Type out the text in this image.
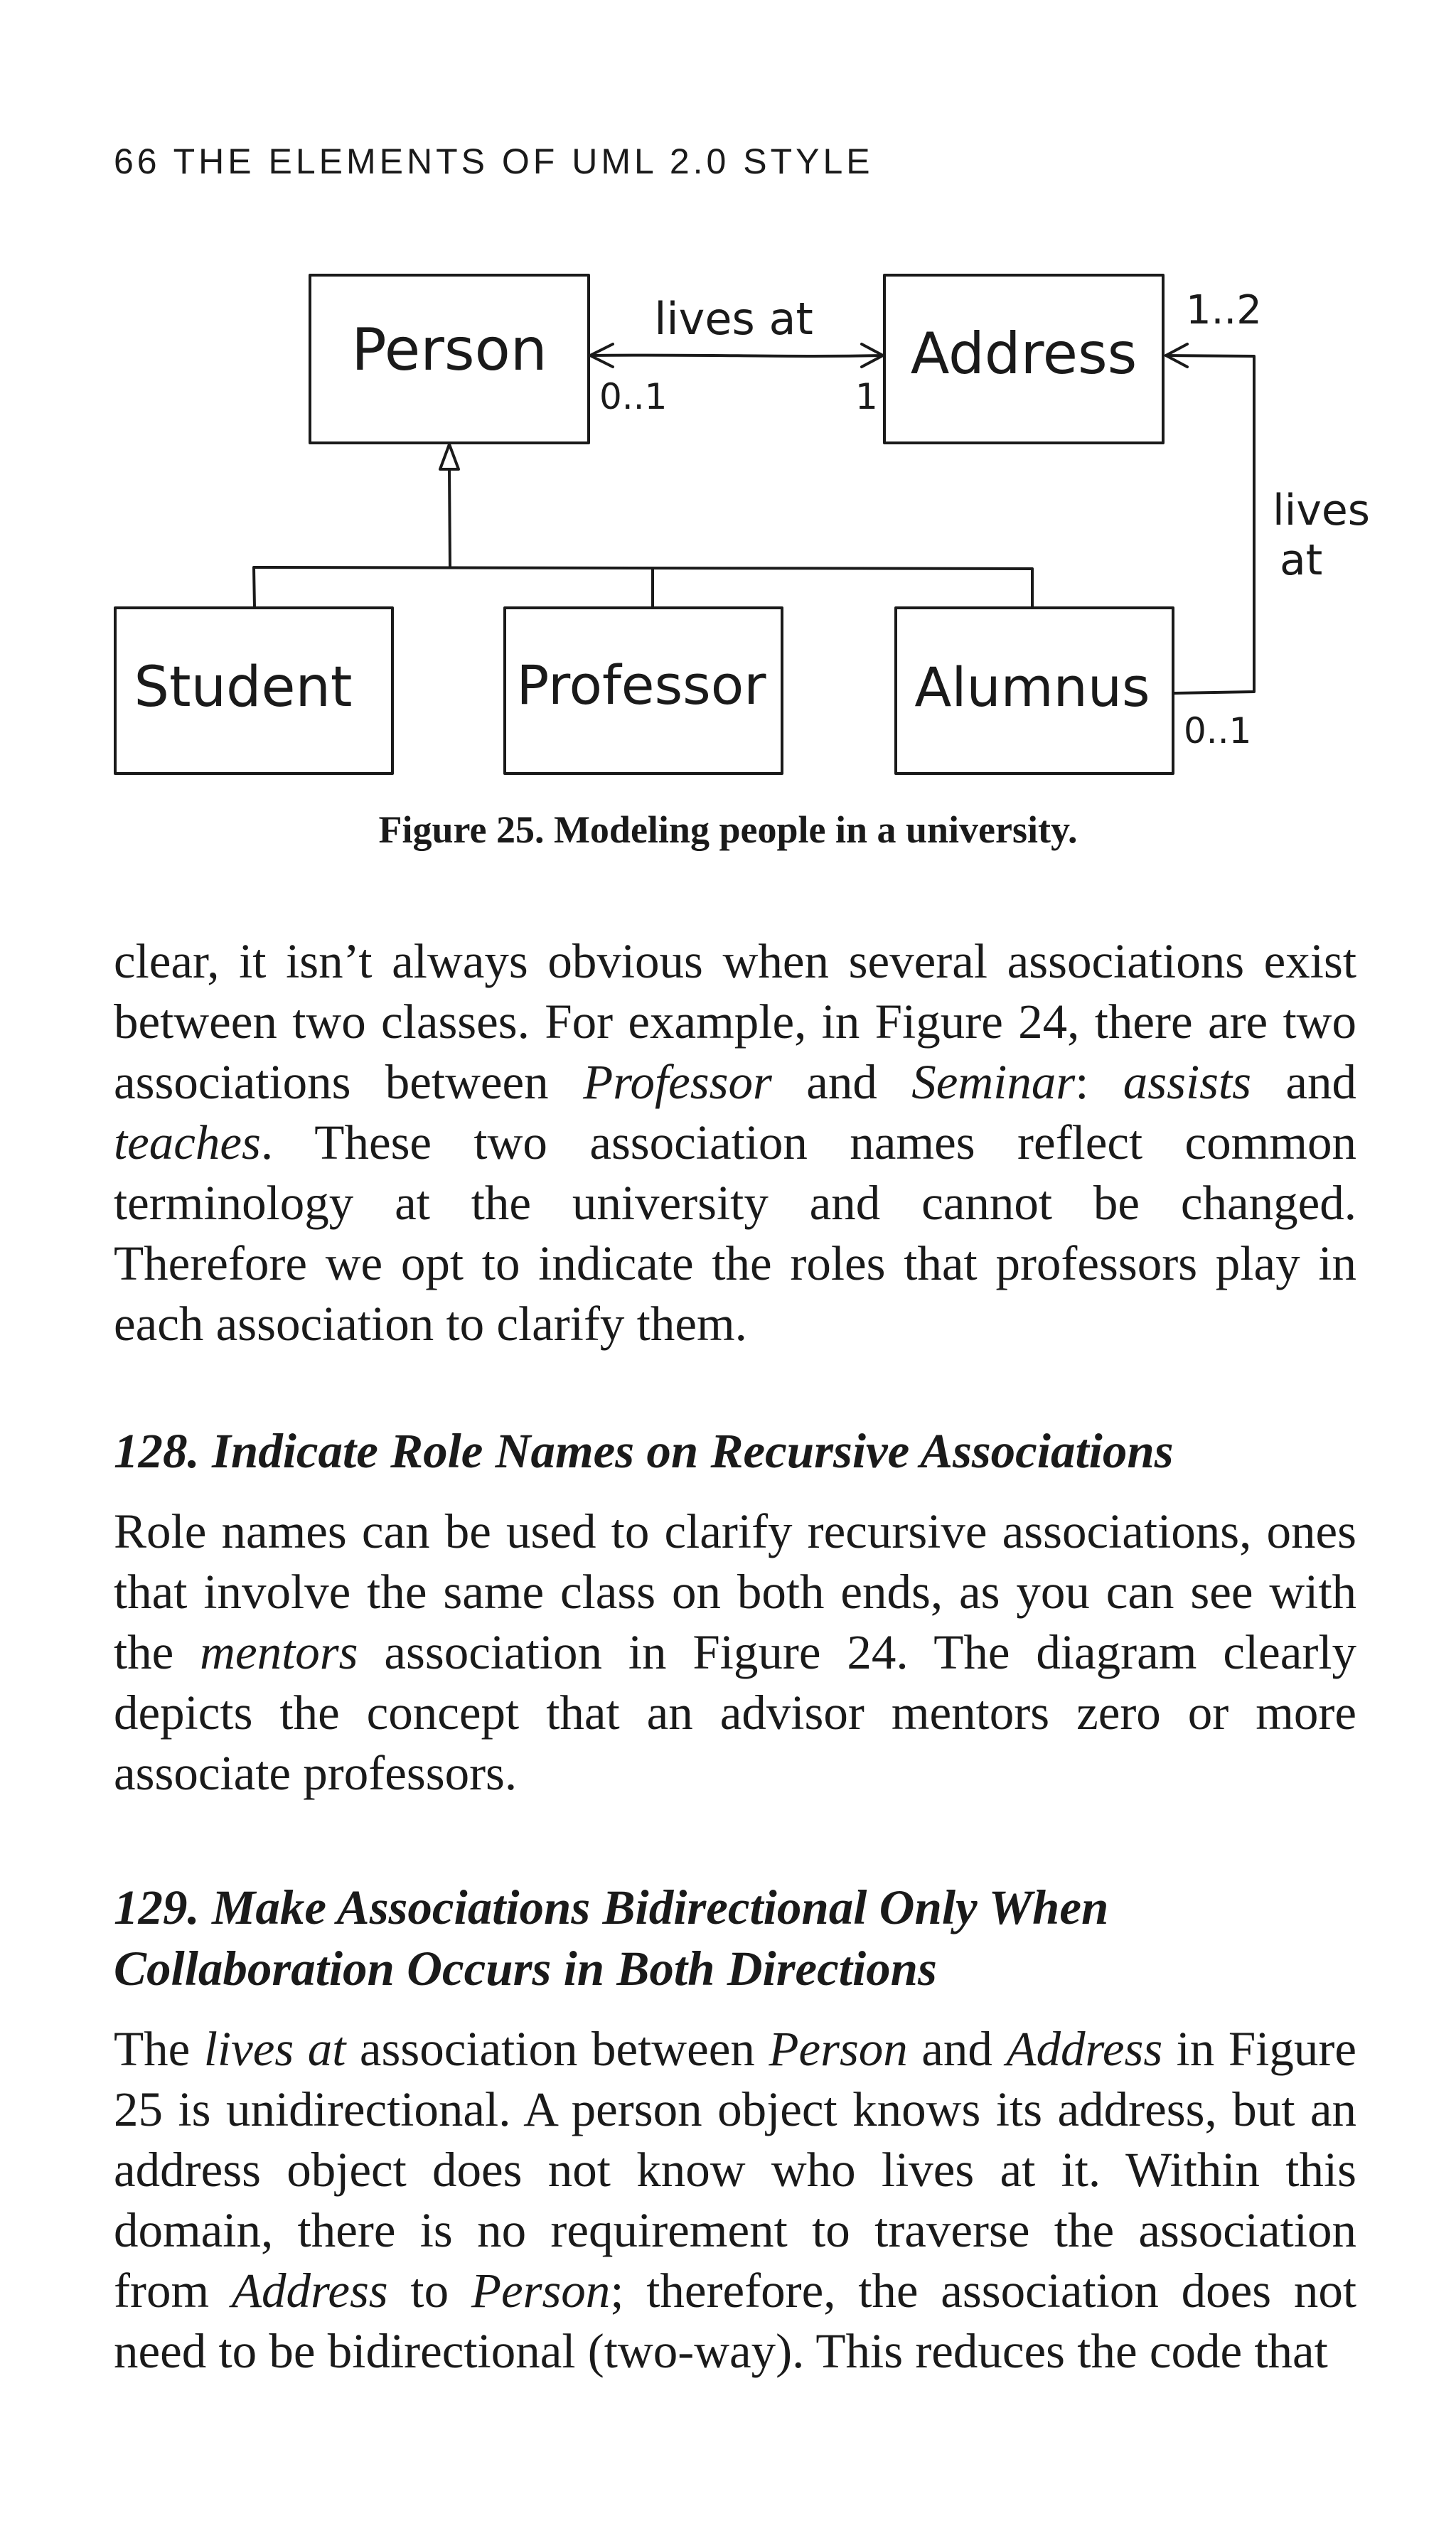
66 THE ELEMENTS OF UML 2.0 STYLE
Person	Address
Student	Professor	Alumnus
lives at
0..1	1
1..2
lives
at
0..1
Figure 25. Modeling people in a university.

clear, it isn’t always obvious when several associations exist between two classes. For example, in Figure 24, there are two associations between Professor and Seminar: assists and teaches. These two association names reflect common terminology at the university and cannot be changed. Therefore we opt to indicate the roles that professors play in each association to clarify them.

128. Indicate Role Names on Recursive Associations

Role names can be used to clarify recursive associations, ones that involve the same class on both ends, as you can see with the mentors association in Figure 24. The diagram clearly depicts the concept that an advisor mentors zero or more associate professors.

129. Make Associations Bidirectional Only When
Collaboration Occurs in Both Directions

The lives at association between Person and Address in Figure 25 is unidirectional. A person object knows its address, but an address object does not know who lives at it. Within this domain, there is no requirement to traverse the association from Address to Person; therefore, the association does not need to be bidirectional (two-way). This reduces the code that
